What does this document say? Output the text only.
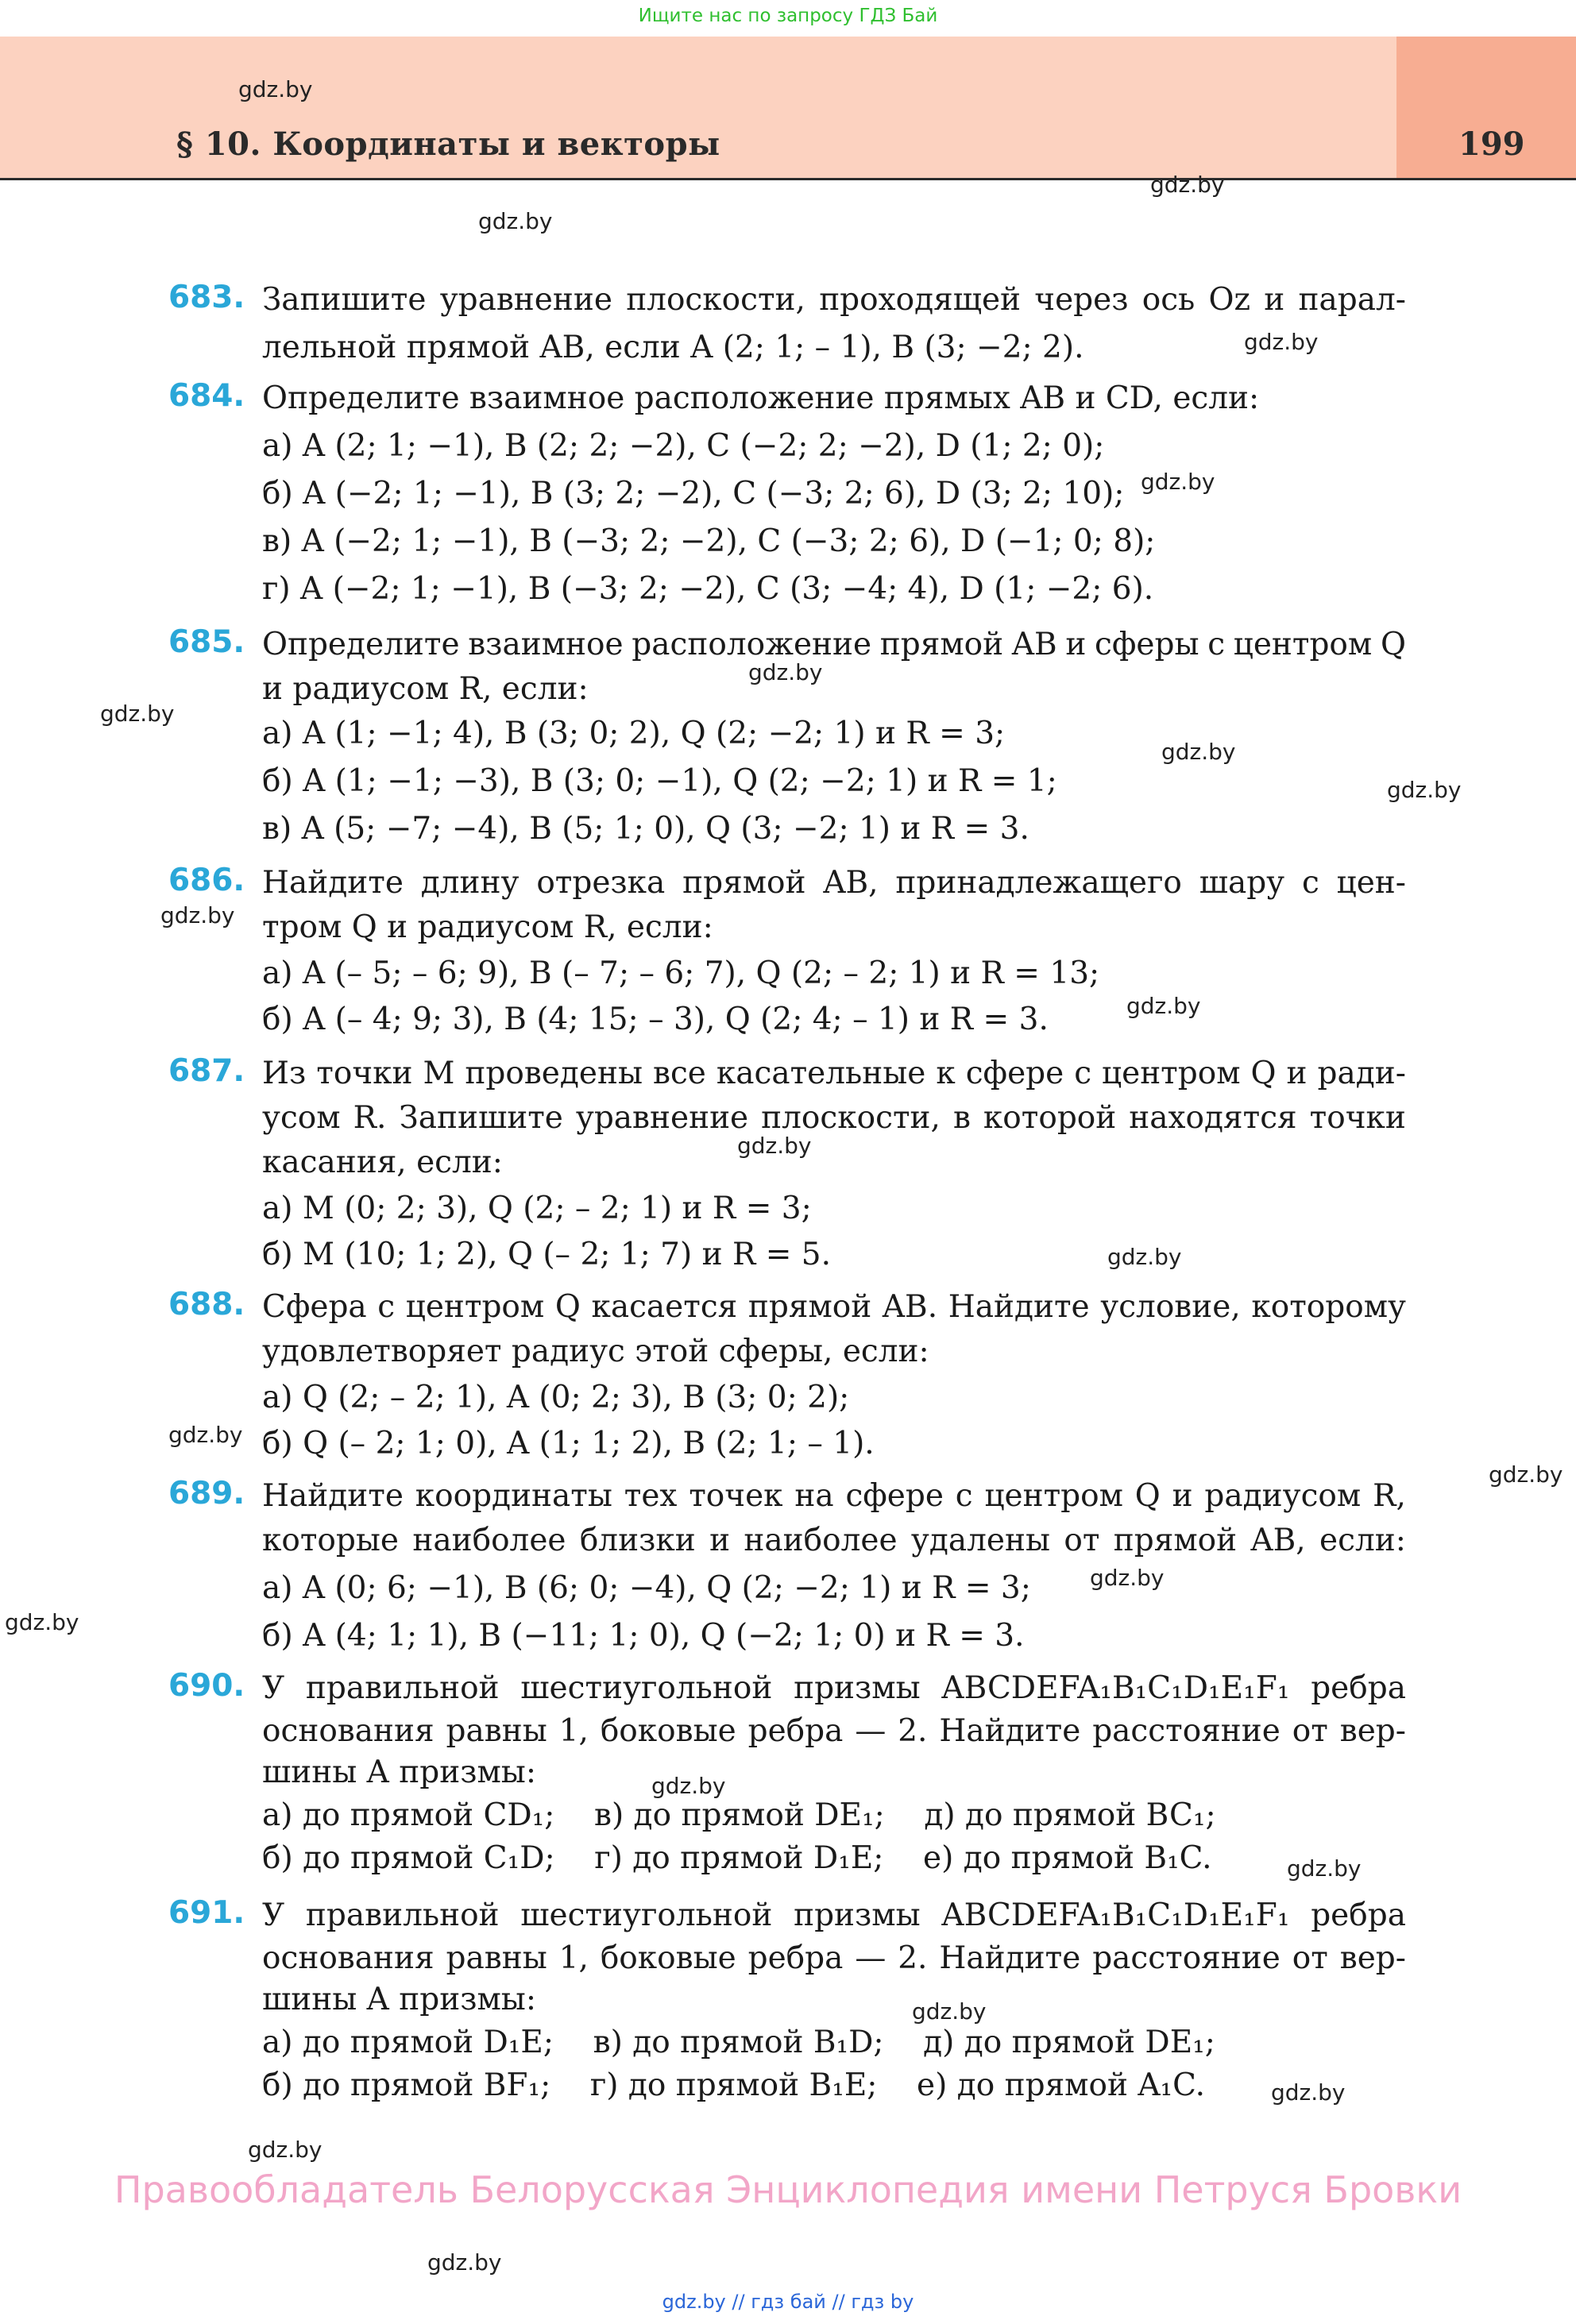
Ищите нас по запросу ГДЗ Бай
§ 10. Координаты и векторы	199
gdz.by
gdz.by
gdz.by
gdz.by
gdz.by
gdz.by
gdz.by
gdz.by
gdz.by
gdz.by
gdz.by
gdz.by
gdz.by
gdz.by
gdz.by
gdz.by
gdz.by
gdz.by
gdz.by
gdz.by
gdz.by
gdz.by
gdz.by
683. Запишите уравнение плоскости, проходящей через ось Oz и парал-
лельной прямой AB, если A (2; 1; – 1), B (3; −2; 2).
684. Определите взаимное расположение прямых AB и CD, если:
а) A (2; 1; −1), B (2; 2; −2), C (−2; 2; −2), D (1; 2; 0);
б) A (−2; 1; −1), B (3; 2; −2), C (−3; 2; 6), D (3; 2; 10);
в) A (−2; 1; −1), B (−3; 2; −2), C (−3; 2; 6), D (−1; 0; 8);
г) A (−2; 1; −1), B (−3; 2; −2), C (3; −4; 4), D (1; −2; 6).
685. Определите взаимное расположение прямой AB и сферы с центром Q
и радиусом R, если:
а) A (1; −1; 4), B (3; 0; 2), Q (2; −2; 1) и R = 3;
б) A (1; −1; −3), B (3; 0; −1), Q (2; −2; 1) и R = 1;
в) A (5; −7; −4), B (5; 1; 0), Q (3; −2; 1) и R = 3.
686. Найдите длину отрезка прямой AB, принадлежащего шару с цен-
тром Q и радиусом R, если:
а) A (– 5; – 6; 9), B (– 7; – 6; 7), Q (2; – 2; 1) и R = 13;
б) A (– 4; 9; 3), B (4; 15; – 3), Q (2; 4; – 1) и R = 3.
687. Из точки M проведены все касательные к сфере с центром Q и ради-
усом R. Запишите уравнение плоскости, в которой находятся точки
касания, если:
а) M (0; 2; 3), Q (2; – 2; 1) и R = 3;
б) M (10; 1; 2), Q (– 2; 1; 7) и R = 5.
688. Сфера с центром Q касается прямой AB. Найдите условие, которому
удовлетворяет радиус этой сферы, если:
а) Q (2; – 2; 1), A (0; 2; 3), B (3; 0; 2);
б) Q (– 2; 1; 0), A (1; 1; 2), B (2; 1; – 1).
689. Найдите координаты тех точек на сфере с центром Q и радиусом R,
которые наиболее близки и наиболее удалены от прямой AB, если:
а) A (0; 6; −1), B (6; 0; −4), Q (2; −2; 1) и R = 3;
б) A (4; 1; 1), B (−11; 1; 0), Q (−2; 1; 0) и R = 3.
690. У правильной шестиугольной призмы ABCDEFA₁B₁C₁D₁E₁F₁ ребра
основания равны 1, боковые ребра — 2. Найдите расстояние от вер-
шины A призмы:
а) до прямой CD₁;    в) до прямой DE₁;    д) до прямой BC₁;
б) до прямой C₁D;    г) до прямой D₁E;    е) до прямой B₁C.
691. У правильной шестиугольной призмы ABCDEFA₁B₁C₁D₁E₁F₁ ребра
основания равны 1, боковые ребра — 2. Найдите расстояние от вер-
шины A призмы:
а) до прямой D₁E;    в) до прямой B₁D;    д) до прямой DE₁;
б) до прямой BF₁;    г) до прямой B₁E;    е) до прямой A₁C.
Правообладатель Белорусская Энциклопедия имени Петруся Бровки
gdz.by // гдз бай // гдз by
